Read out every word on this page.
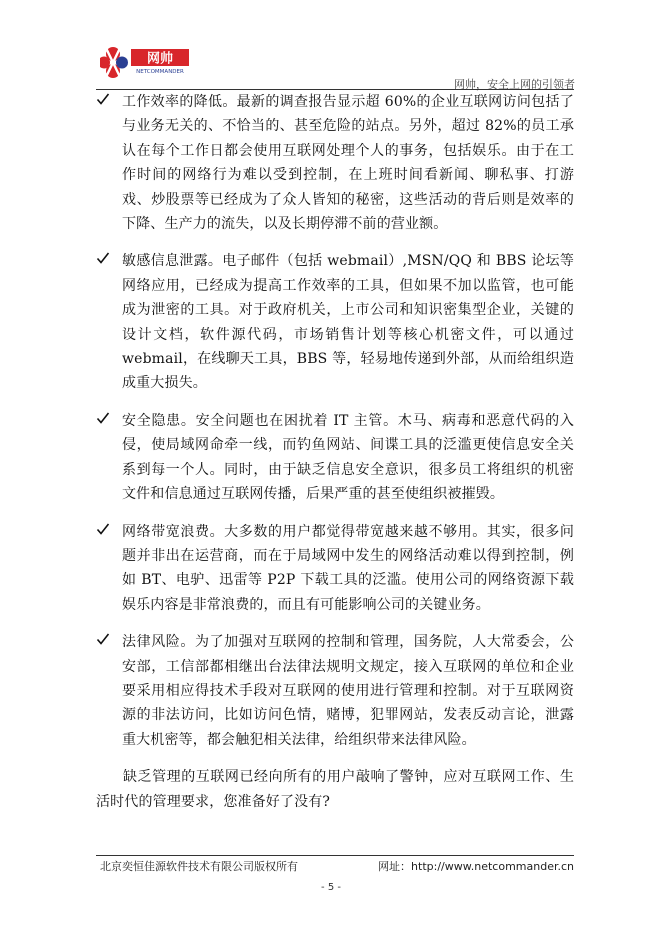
网帅
NETCOMMANDER
网帅，安全上网的引领者
工作效率的降低。最新的调查报告显示超 60%的企业互联网访问包括了与业务无关的、不恰当的、甚至危险的站点。另外，超过 82%的员工承认在每个工作日都会使用互联网处理个人的事务，包括娱乐。由于在工作时间的网络行为难以受到控制，在上班时间看新闻、聊私事、打游戏、炒股票等已经成为了众人皆知的秘密，这些活动的背后则是效率的下降、生产力的流失，以及长期停滞不前的营业额。
敏感信息泄露。电子邮件（包括 webmail）,MSN/QQ 和 BBS 论坛等网络应用，已经成为提高工作效率的工具，但如果不加以监管，也可能成为泄密的工具。对于政府机关，上市公司和知识密集型企业，关键的设计文档，软件源代码，市场销售计划等核心机密文件，可以通过 webmail，在线聊天工具，BBS 等，轻易地传递到外部，从而给组织造成重大损失。
安全隐患。安全问题也在困扰着 IT 主管。木马、病毒和恶意代码的入侵，使局域网命牵一线，而钓鱼网站、间谍工具的泛滥更使信息安全关系到每一个人。同时，由于缺乏信息安全意识，很多员工将组织的机密文件和信息通过互联网传播，后果严重的甚至使组织被摧毁。
网络带宽浪费。大多数的用户都觉得带宽越来越不够用。其实，很多问题并非出在运营商，而在于局域网中发生的网络活动难以得到控制，例如 BT、电驴、迅雷等 P2P 下载工具的泛滥。使用公司的网络资源下载娱乐内容是非常浪费的，而且有可能影响公司的关键业务。
法律风险。为了加强对互联网的控制和管理，国务院，人大常委会，公安部，工信部都相继出台法律法规明文规定，接入互联网的单位和企业要采用相应得技术手段对互联网的使用进行管理和控制。对于互联网资源的非法访问，比如访问色情，赌博，犯罪网站，发表反动言论，泄露重大机密等，都会触犯相关法律，给组织带来法律风险。
缺乏管理的互联网已经向所有的用户敲响了警钟，应对互联网工作、生活时代的管理要求，您准备好了没有?
北京奕恒佳源软件技术有限公司版权所有	网址：http://www.netcommander.cn
- 5 -
